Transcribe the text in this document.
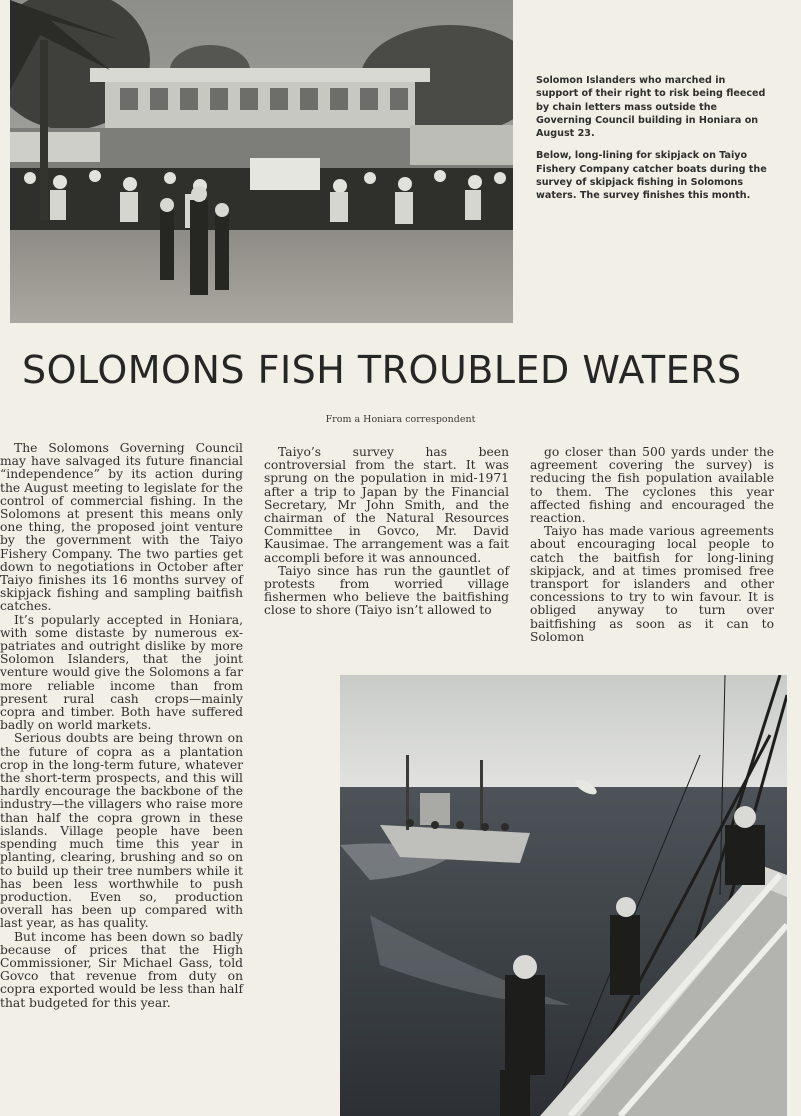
Solomon Islanders who marched in support of their right to risk being fleeced by chain letters mass outside the Governing Council building in Honiara on August 23.

Below, long-lining for skipjack on Taiyo Fishery Company catcher boats during the survey of skipjack fishing in Solomons waters. The survey finishes this month.

SOLOMONS FISH TROUBLED WATERS
From a Honiara correspondent

The Solomons Governing Council may have salvaged its future financial “independence” by its action during the August meeting to legislate for the control of commercial fishing. In the Solomons at present this means only one thing, the proposed joint venture by the government with the Taiyo Fishery Company. The two parties get down to negotiations in October after Taiyo finishes its 16 months survey of skipjack fishing and sampling baitfish catches.

It’s popularly accepted in Honiara, with some distaste by numerous ex-patriates and outright dislike by more Solomon Islanders, that the joint venture would give the Solomons a far more reliable income than from present rural cash crops—mainly copra and timber. Both have suffered badly on world markets.

Serious doubts are being thrown on the future of copra as a plantation crop in the long-term future, whatever the short-term prospects, and this will hardly encourage the backbone of the industry—the villagers who raise more than half the copra grown in these islands. Village people have been spending much time this year in planting, clearing, brushing and so on to build up their tree numbers while it has been less worthwhile to push production. Even so, production overall has been up compared with last year, as has quality.

But income has been down so badly because of prices that the High Commissioner, Sir Michael Gass, told Govco that revenue from duty on copra exported would be less than half that budgeted for this year.

Taiyo’s survey has been controversial from the start. It was sprung on the population in mid-1971 after a trip to Japan by the Financial Secretary, Mr John Smith, and the chairman of the Natural Resources Committee in Govco, Mr. David Kausimae. The arrangement was a fait accompli before it was announced.

Taiyo since has run the gauntlet of protests from worried village fishermen who believe the baitfishing close to shore (Taiyo isn’t allowed to

go closer than 500 yards under the agreement covering the survey) is reducing the fish population available to them. The cyclones this year affected fishing and encouraged the reaction.

Taiyo has made various agreements about encouraging local people to catch the baitfish for long-lining skipjack, and at times promised free transport for islanders and other concessions to try to win favour. It is obliged anyway to turn over baitfishing as soon as it can to Solomon
